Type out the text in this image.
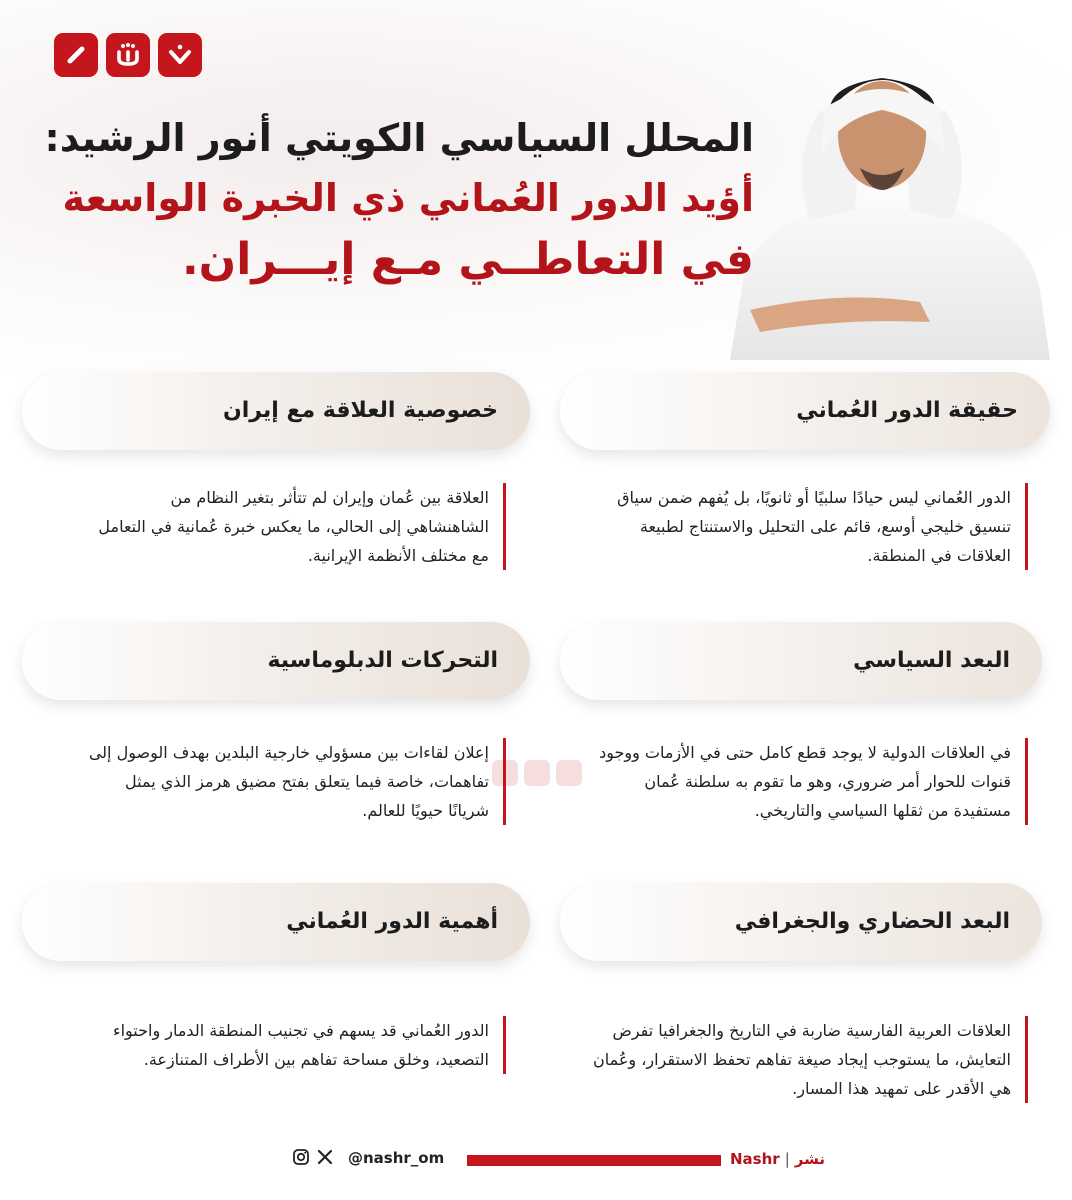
المحلل السياسي الكويتي أنور الرشيد:
أؤيد الدور العُماني ذي الخبرة الواسعة
في التعاطــي مـع إيـــران.
حقيقة الدور العُماني
الدور العُماني ليس حيادًا سلبيًا أو ثانويًا، بل يُفهم ضمن سياق تنسيق خليجي أوسع، قائم على التحليل والاستنتاج لطبيعة العلاقات في المنطقة.
خصوصية العلاقة مع إيران
العلاقة بين عُمان وإيران لم تتأثر بتغير النظام من الشاهنشاهي إلى الحالي، ما يعكس خبرة عُمانية في التعامل مع مختلف الأنظمة الإيرانية.
البعد السياسي
في العلاقات الدولية لا يوجد قطع كامل حتى في الأزمات ووجود قنوات للحوار أمر ضروري، وهو ما تقوم به سلطنة عُمان مستفيدة من ثقلها السياسي والتاريخي.
التحركات الدبلوماسية
إعلان لقاءات بين مسؤولي خارجية البلدين بهدف الوصول إلى تفاهمات، خاصة فيما يتعلق بفتح مضيق هرمز الذي يمثل شريانًا حيويًا للعالم.
البعد الحضاري والجغرافي
العلاقات العربية الفارسية ضاربة في التاريخ والجغرافيا تفرض التعايش، ما يستوجب إيجاد صيغة تفاهم تحفظ الاستقرار، وعُمان هي الأقدر على تمهيد هذا المسار.
أهمية الدور العُماني
الدور العُماني قد يسهم في تجنيب المنطقة الدمار واحتواء التصعيد، وخلق مساحة تفاهم بين الأطراف المتنازعة.
@nashr_om	Nashr | نشر
